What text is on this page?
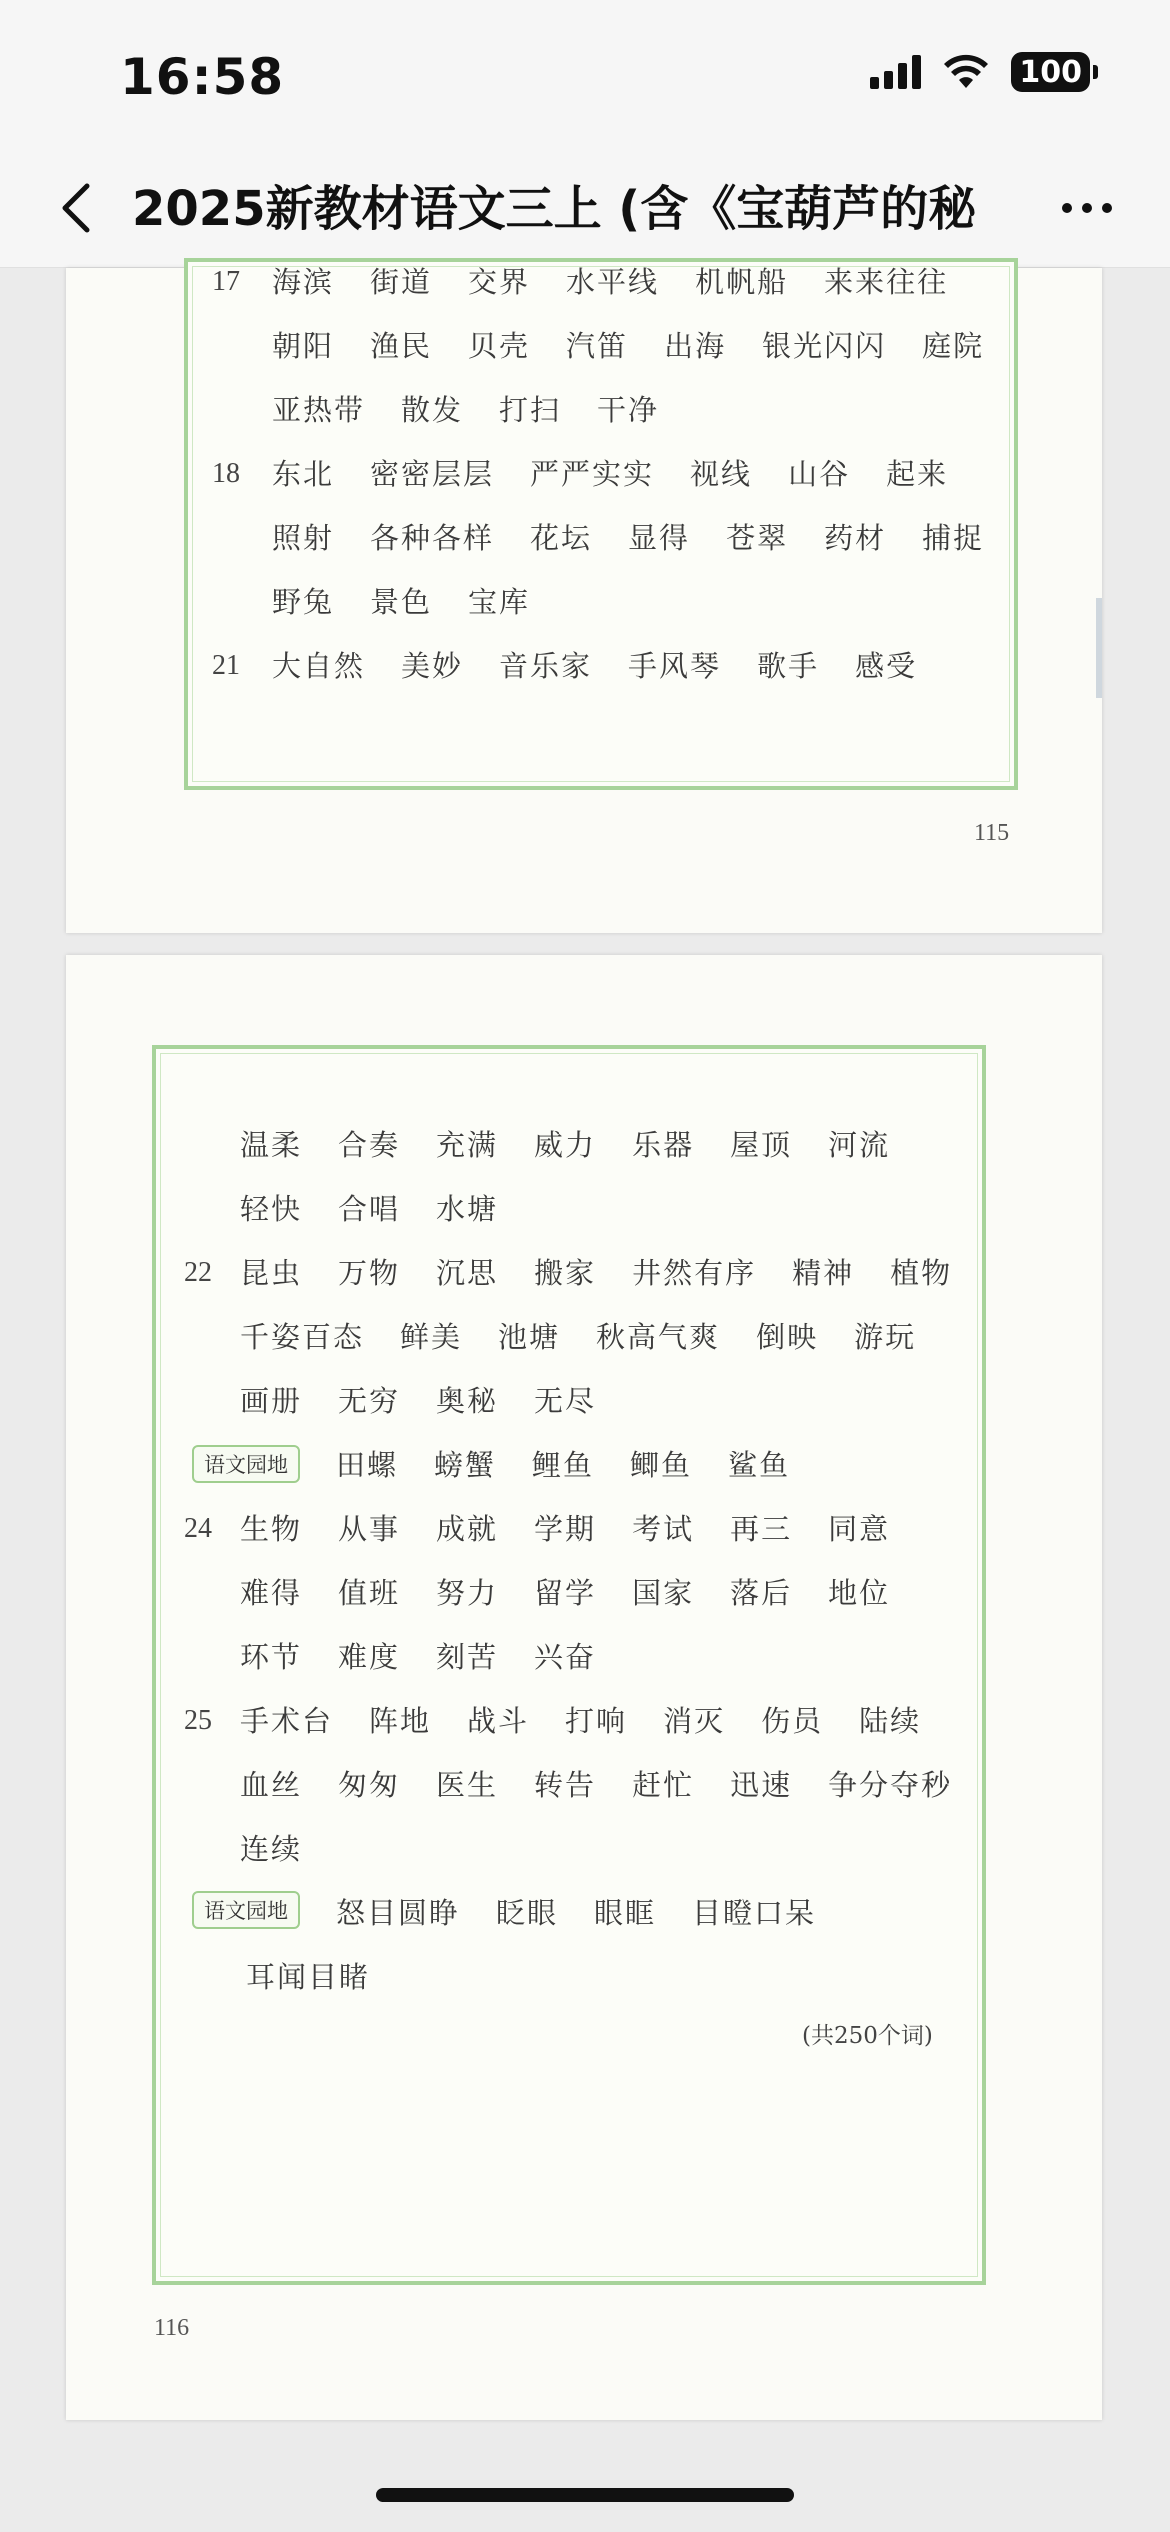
16:58	100
2025新教材语文三上 (含《宝葫芦的秘
17 海滨 街道 交界 水平线 机帆船 来来往往
朝阳 渔民 贝壳 汽笛 出海 银光闪闪 庭院
亚热带 散发 打扫 干净
18 东北 密密层层 严严实实 视线 山谷 起来
照射 各种各样 花坛 显得 苍翠 药材 捕捉
野兔 景色 宝库
21 大自然 美妙 音乐家 手风琴 歌手 感受
115
温柔 合奏 充满 威力 乐器 屋顶 河流
轻快 合唱 水塘
22 昆虫 万物 沉思 搬家 井然有序 精神 植物
千姿百态 鲜美 池塘 秋高气爽 倒映 游玩
画册 无穷 奥秘 无尽
语文园地	田螺 螃蟹 鲤鱼 鲫鱼 鲨鱼
24 生物 从事 成就 学期 考试 再三 同意
难得 值班 努力 留学 国家 落后 地位
环节 难度 刻苦 兴奋
25 手术台 阵地 战斗 打响 消灭 伤员 陆续
血丝 匆匆 医生 转告 赶忙 迅速 争分夺秒
连续
语文园地	怒目圆睁 眨眼 眼眶 目瞪口呆
耳闻目睹
(共250个词)
116
